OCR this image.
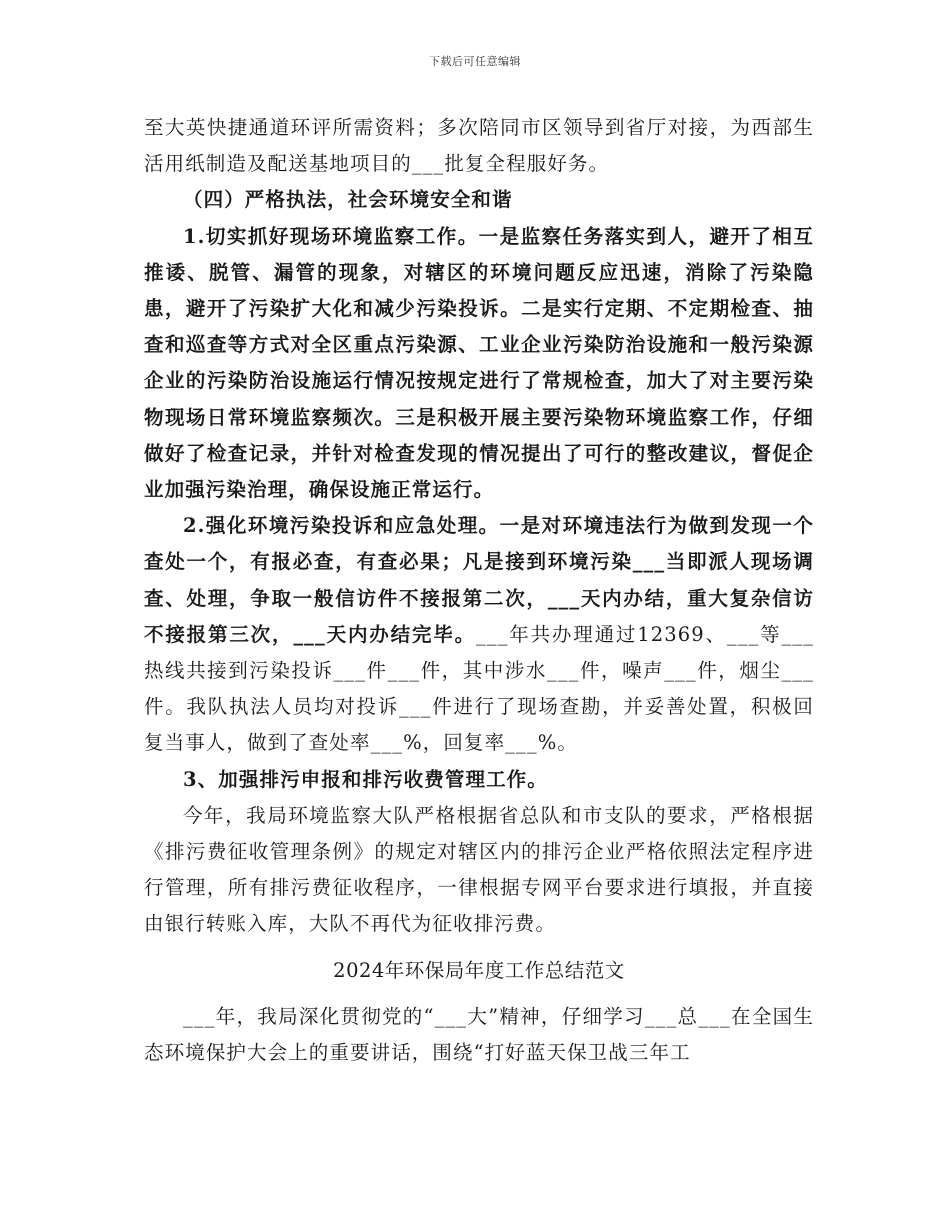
下载后可任意编辑

至大英快捷通道环评所需资料；多次陪同市区领导到省厅对接，为西部生活用纸制造及配送基地项目的___批复全程服好务。

（四）严格执法，社会环境安全和谐

1.切实抓好现场环境监察工作。一是监察任务落实到人，避开了相互推诿、脱管、漏管的现象，对辖区的环境问题反应迅速，消除了污染隐患，避开了污染扩大化和减少污染投诉。二是实行定期、不定期检查、抽查和巡查等方式对全区重点污染源、工业企业污染防治设施和一般污染源企业的污染防治设施运行情况按规定进行了常规检查，加大了对主要污染物现场日常环境监察频次。三是积极开展主要污染物环境监察工作，仔细做好了检查记录，并针对检查发现的情况提出了可行的整改建议，督促企业加强污染治理，确保设施正常运行。

2.强化环境污染投诉和应急处理。一是对环境违法行为做到发现一个查处一个，有报必查，有查必果；凡是接到环境污染___当即派人现场调查、处理，争取一般信访件不接报第二次，___天内办结，重大复杂信访不接报第三次，___天内办结完毕。___年共办理通过12369、___等___热线共接到污染投诉___件___件，其中涉水___件，噪声___件，烟尘___件。我队执法人员均对投诉___件进行了现场查勘，并妥善处置，积极回复当事人，做到了查处率___%，回复率___%。

3、加强排污申报和排污收费管理工作。

今年，我局环境监察大队严格根据省总队和市支队的要求，严格根据《排污费征收管理条例》的规定对辖区内的排污企业严格依照法定程序进行管理，所有排污费征收程序，一律根据专网平台要求进行填报，并直接由银行转账入库，大队不再代为征收排污费。

2024年环保局年度工作总结范文

___年，我局深化贯彻党的“___大”精神，仔细学习___总___在全国生态环境保护大会上的重要讲话，围绕“打好蓝天保卫战三年工
